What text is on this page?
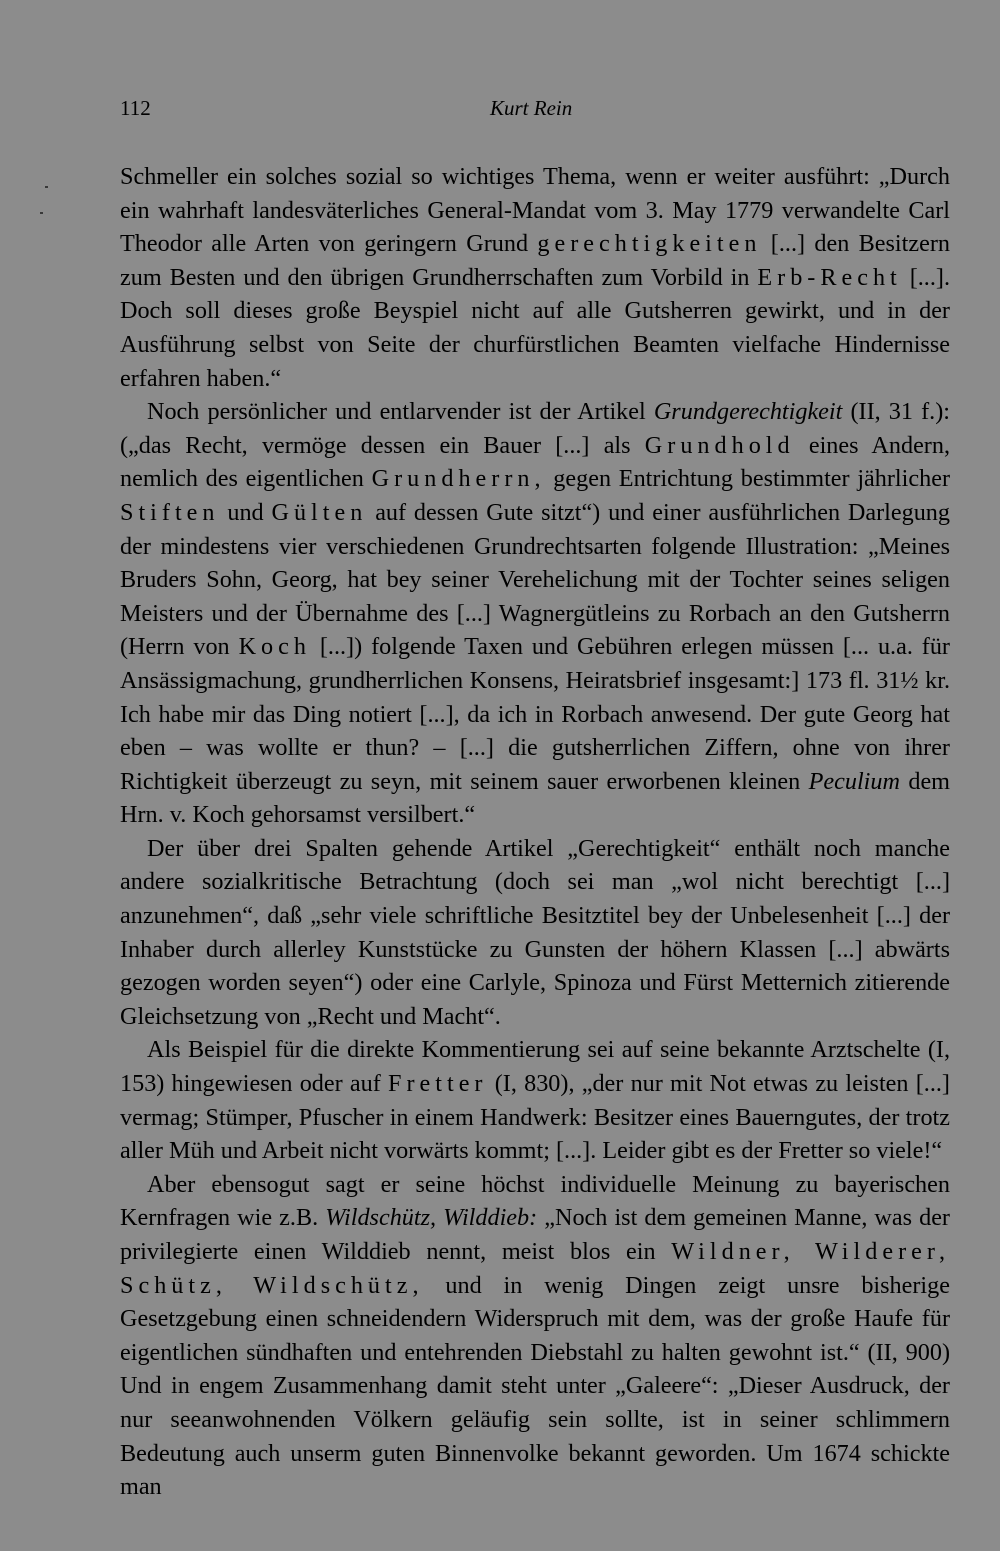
112	Kurt Rein

Schmeller ein solches sozial so wichtiges Thema, wenn er weiter ausführt: „Durch ein wahrhaft landesväterliches General-Mandat vom 3. May 1779 verwandelte Carl Theodor alle Arten von geringern Grund gerechtigkeiten [...] den Besitzern zum Besten und den übrigen Grundherrschaften zum Vorbild in Erb-Recht [...]. Doch soll dieses große Beyspiel nicht auf alle Gutsherren gewirkt, und in der Ausführung selbst von Seite der churfürstlichen Beamten vielfache Hindernisse erfahren haben.“

Noch persönlicher und entlarvender ist der Artikel Grundgerechtigkeit (II, 31 f.): („das Recht, vermöge dessen ein Bauer [...] als Grundhold eines Andern, nemlich des eigentlichen Grundherrn, gegen Entrichtung bestimmter jährlicher Stiften und Gülten auf dessen Gute sitzt“) und einer ausführlichen Darlegung der mindestens vier verschiedenen Grundrechtsarten folgende Illustration: „Meines Bruders Sohn, Georg, hat bey seiner Verehelichung mit der Tochter seines seligen Meisters und der Übernahme des [...] Wagnergütleins zu Rorbach an den Gutsherrn (Herrn von Koch [...]) folgende Taxen und Gebühren erlegen müssen [... u.a. für Ansässigmachung, grundherrlichen Konsens, Heiratsbrief insgesamt:] 173 fl. 31½ kr. Ich habe mir das Ding notiert [...], da ich in Rorbach anwesend. Der gute Georg hat eben – was wollte er thun? – [...] die gutsherrlichen Ziffern, ohne von ihrer Richtigkeit überzeugt zu seyn, mit seinem sauer erworbenen kleinen Peculium dem Hrn. v. Koch gehorsamst versilbert.“

Der über drei Spalten gehende Artikel „Gerechtigkeit“ enthält noch manche andere sozialkritische Betrachtung (doch sei man „wol nicht berechtigt [...] anzunehmen“, daß „sehr viele schriftliche Besitztitel bey der Unbelesenheit [...] der Inhaber durch allerley Kunststücke zu Gunsten der höhern Klassen [...] abwärts gezogen worden seyen“) oder eine Carlyle, Spinoza und Fürst Metternich zitierende Gleichsetzung von „Recht und Macht“.

Als Beispiel für die direkte Kommentierung sei auf seine bekannte Arztschelte (I, 153) hingewiesen oder auf Fretter (I, 830), „der nur mit Not etwas zu leisten [...] vermag; Stümper, Pfuscher in einem Handwerk: Besitzer eines Bauerngutes, der trotz aller Müh und Arbeit nicht vorwärts kommt; [...]. Leider gibt es der Fretter so viele!“

Aber ebensogut sagt er seine höchst individuelle Meinung zu bayerischen Kernfragen wie z.B. Wildschütz, Wilddieb: „Noch ist dem gemeinen Manne, was der privilegierte einen Wilddieb nennt, meist blos ein Wildner, Wilderer, Schütz, Wildschütz, und in wenig Dingen zeigt unsre bisherige Gesetzgebung einen schneidendern Widerspruch mit dem, was der große Haufe für eigentlichen sündhaften und entehrenden Diebstahl zu halten gewohnt ist.“ (II, 900) Und in engem Zusammenhang damit steht unter „Galeere“: „Dieser Ausdruck, der nur seeanwohnenden Völkern geläufig sein sollte, ist in seiner schlimmern Bedeutung auch unserm guten Binnenvolke bekannt geworden. Um 1674 schickte man
